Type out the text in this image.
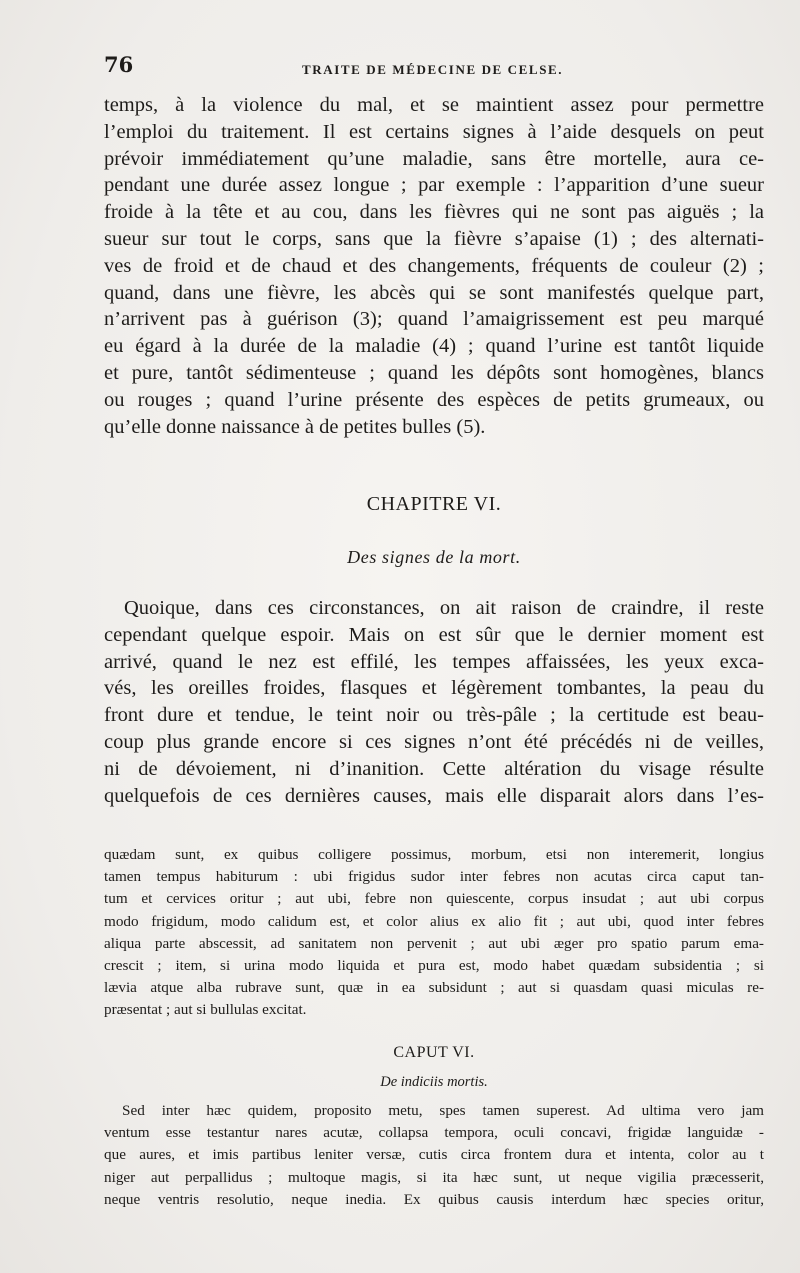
76	TRAITE DE MÉDECINE DE CELSE.
temps, à la violence du mal, et se maintient assez pour permettre
l’emploi du traitement. Il est certains signes à l’aide desquels on peut
prévoir immédiatement qu’une maladie, sans être mortelle, aura ce-
pendant une durée assez longue ; par exemple : l’apparition d’une sueur
froide à la tête et au cou, dans les fièvres qui ne sont pas aiguës ; la
sueur sur tout le corps, sans que la fièvre s’apaise (1) ; des alternati-
ves de froid et de chaud et des changements, fréquents de couleur (2) ;
quand, dans une fièvre, les abcès qui se sont manifestés quelque part,
n’arrivent pas à guérison (3); quand l’amaigrissement est peu marqué
eu égard à la durée de la maladie (4) ; quand l’urine est tantôt liquide
et pure, tantôt sédimenteuse ; quand les dépôts sont homogènes, blancs
ou rouges ; quand l’urine présente des espèces de petits grumeaux, ou
qu’elle donne naissance à de petites bulles (5).
CHAPITRE VI.
Des signes de la mort.
Quoique, dans ces circonstances, on ait raison de craindre, il reste
cependant quelque espoir. Mais on est sûr que le dernier moment est
arrivé, quand le nez est effilé, les tempes affaissées, les yeux exca-
vés, les oreilles froides, flasques et légèrement tombantes, la peau du
front dure et tendue, le teint noir ou très-pâle ; la certitude est beau-
coup plus grande encore si ces signes n’ont été précédés ni de veilles,
ni de dévoiement, ni d’inanition. Cette altération du visage résulte
quelquefois de ces dernières causes, mais elle disparait alors dans l’es-
quædam sunt, ex quibus colligere possimus, morbum, etsi non interemerit, longius
tamen tempus habiturum : ubi frigidus sudor inter febres non acutas circa caput tan-
tum et cervices oritur ; aut ubi, febre non quiescente, corpus insudat ; aut ubi corpus
modo frigidum, modo calidum est, et color alius ex alio fit ; aut ubi, quod inter febres
aliqua parte abscessit, ad sanitatem non pervenit ; aut ubi æger pro spatio parum ema-
crescit ; item, si urina modo liquida et pura est, modo habet quædam subsidentia ; si
lævia atque alba rubrave sunt, quæ in ea subsidunt ; aut si quasdam quasi miculas re-
præsentat ; aut si bullulas excitat.
CAPUT VI.
De indiciis mortis.
Sed inter hæc quidem, proposito metu, spes tamen superest. Ad ultima vero jam
ventum esse testantur nares acutæ, collapsa tempora, oculi concavi, frigidæ languidæ -
que aures, et imis partibus leniter versæ, cutis circa frontem dura et intenta, color au t
niger aut perpallidus ; multoque magis, si ita hæc sunt, ut neque vigilia præcesserit,
neque ventris resolutio, neque inedia. Ex quibus causis interdum hæc species oritur,
